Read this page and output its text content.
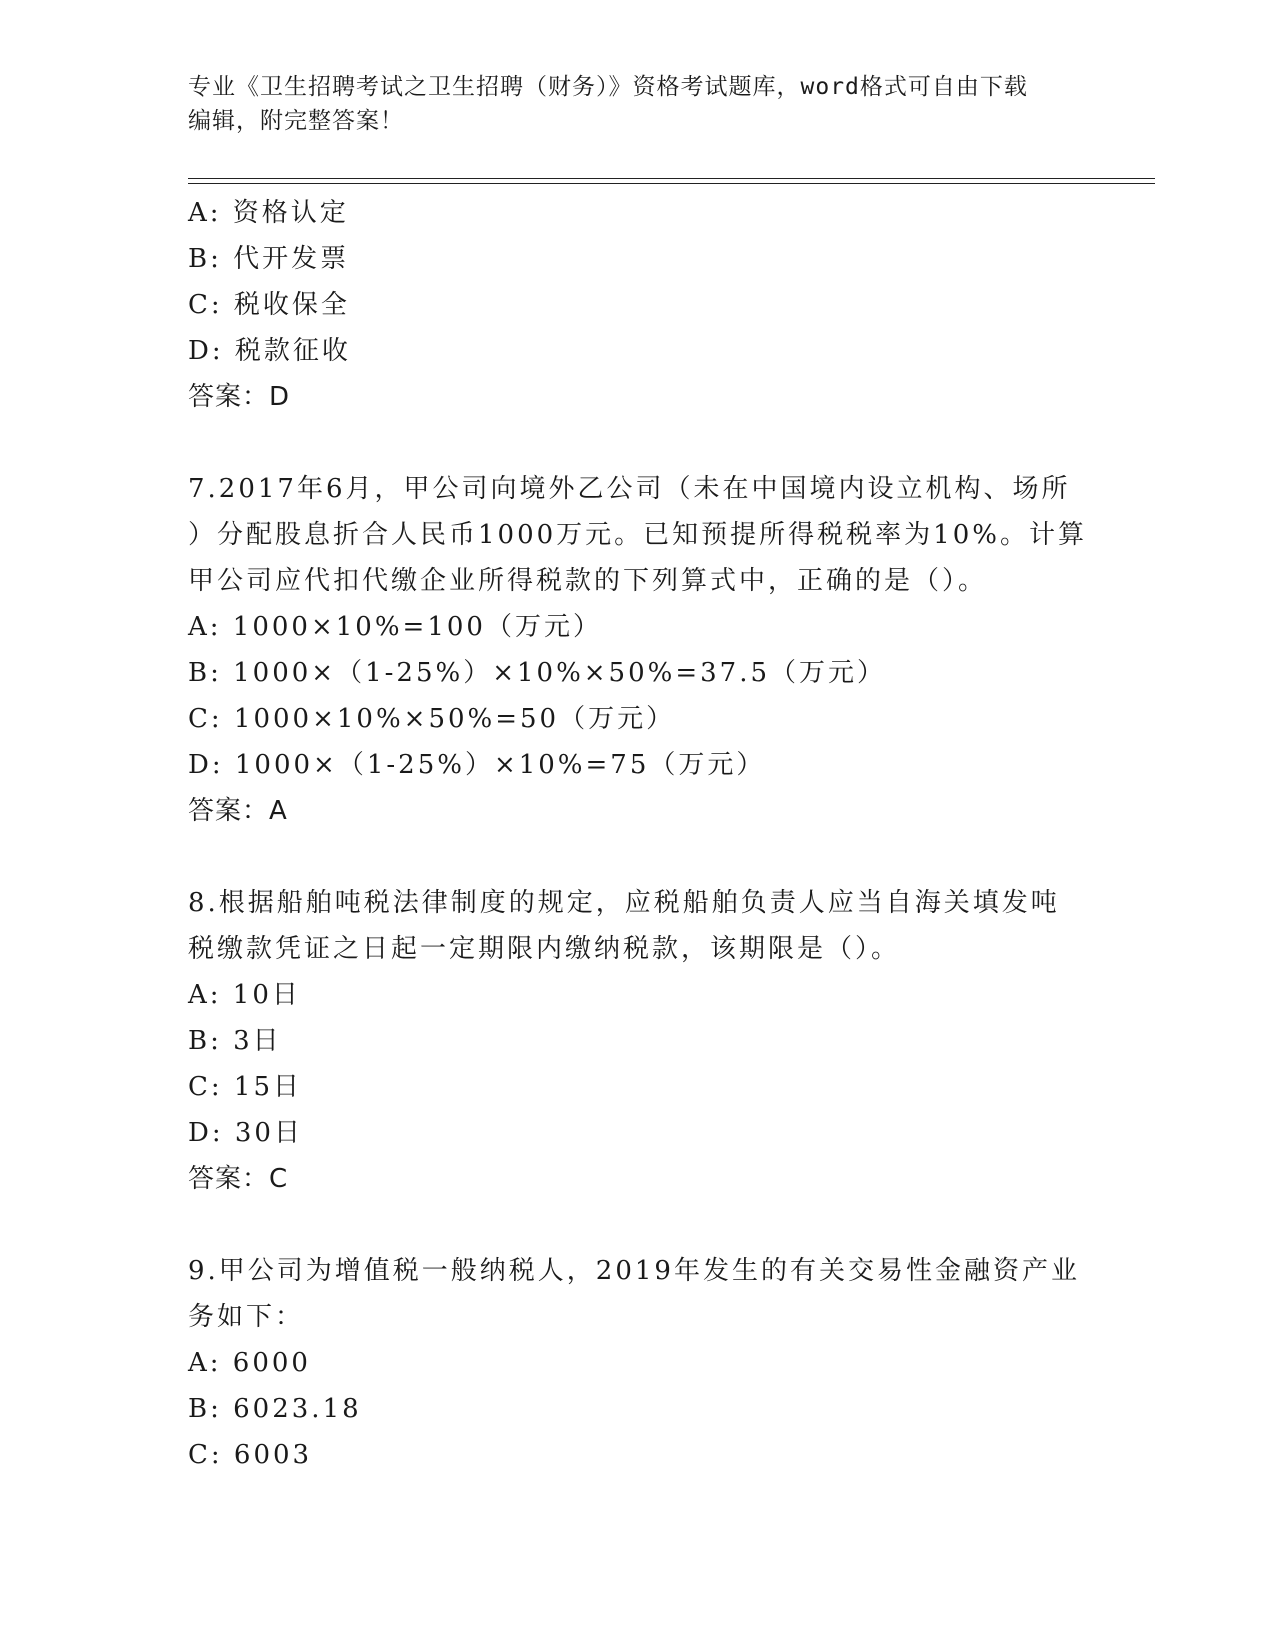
专业《卫生招聘考试之卫生招聘（财务）》资格考试题库，word格式可自由下载
编辑，附完整答案！
A: 资格认定
B: 代开发票
C: 税收保全
D: 税款征收
答案：D
7.2017年6月，甲公司向境外乙公司（未在中国境内设立机构、场所
）分配股息折合人民币1000万元。已知预提所得税税率为10%。计算
甲公司应代扣代缴企业所得税款的下列算式中，正确的是（）。
A: 1000×10%=100（万元）
B: 1000×（1-25%）×10%×50%=37.5（万元）
C: 1000×10%×50%=50（万元）
D: 1000×（1-25%）×10%=75（万元）
答案：A
8.根据船舶吨税法律制度的规定，应税船舶负责人应当自海关填发吨
税缴款凭证之日起一定期限内缴纳税款，该期限是（）。
A: 10日
B: 3日
C: 15日
D: 30日
答案：C
9.甲公司为增值税一般纳税人，2019年发生的有关交易性金融资产业
务如下：
A: 6000
B: 6023.18
C: 6003
